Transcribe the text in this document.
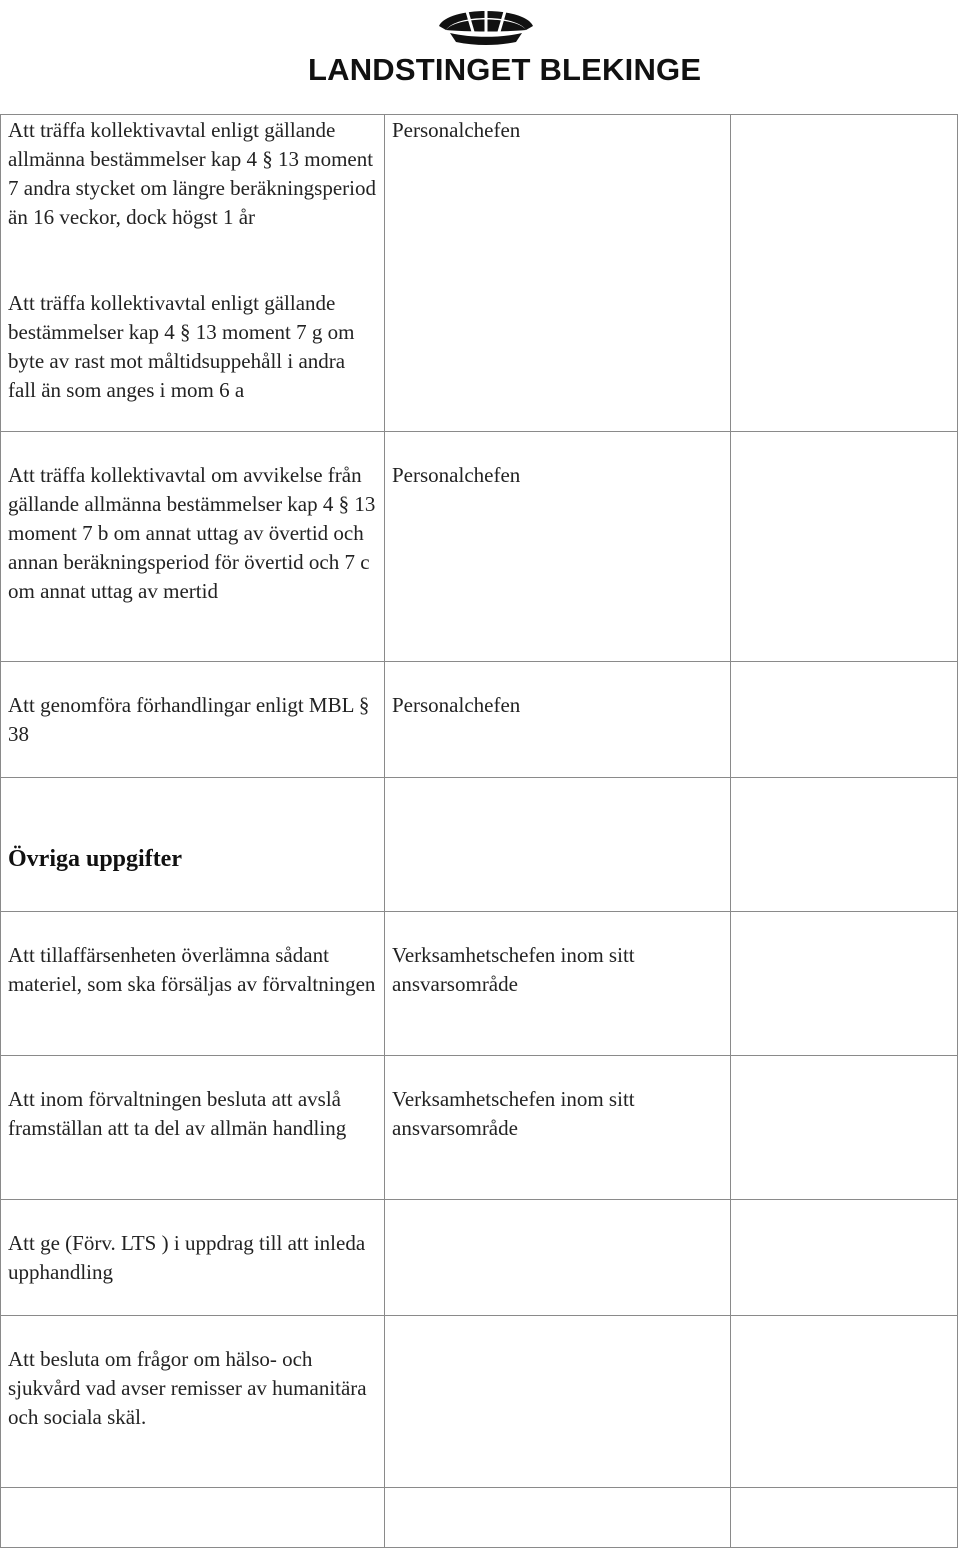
LANDSTINGET BLEKINGE
Att träffa kollektivavtal enligt gällande allmänna bestämmelser kap 4 § 13 moment 7 andra stycket om längre beräkningsperiod än 16 veckor, dock högst 1 år
Personalchefen
Att träffa kollektivavtal enligt gällande bestämmelser kap 4 § 13 moment 7 g om byte av rast mot måltidsuppehåll i andra fall än som anges i mom 6 a
Att träffa kollektivavtal om avvikelse från gällande allmänna bestämmelser kap 4 § 13 moment 7 b om annat uttag av övertid och annan beräkningsperiod för övertid och 7 c om annat uttag av mertid
Personalchefen
Att genomföra förhandlingar enligt MBL § 38
Personalchefen
Övriga uppgifter
Att tillaffärsenheten överlämna sådant materiel, som ska försäljas av förvaltningen
Verksamhetschefen inom sitt ansvarsområde
Att inom förvaltningen besluta att avslå framställan att ta del av allmän handling
Verksamhetschefen inom sitt ansvarsområde
Att ge (Förv. LTS ) i uppdrag till att inleda upphandling
Att besluta om frågor om hälso- och sjukvård vad avser remisser av humanitära och sociala skäl.
